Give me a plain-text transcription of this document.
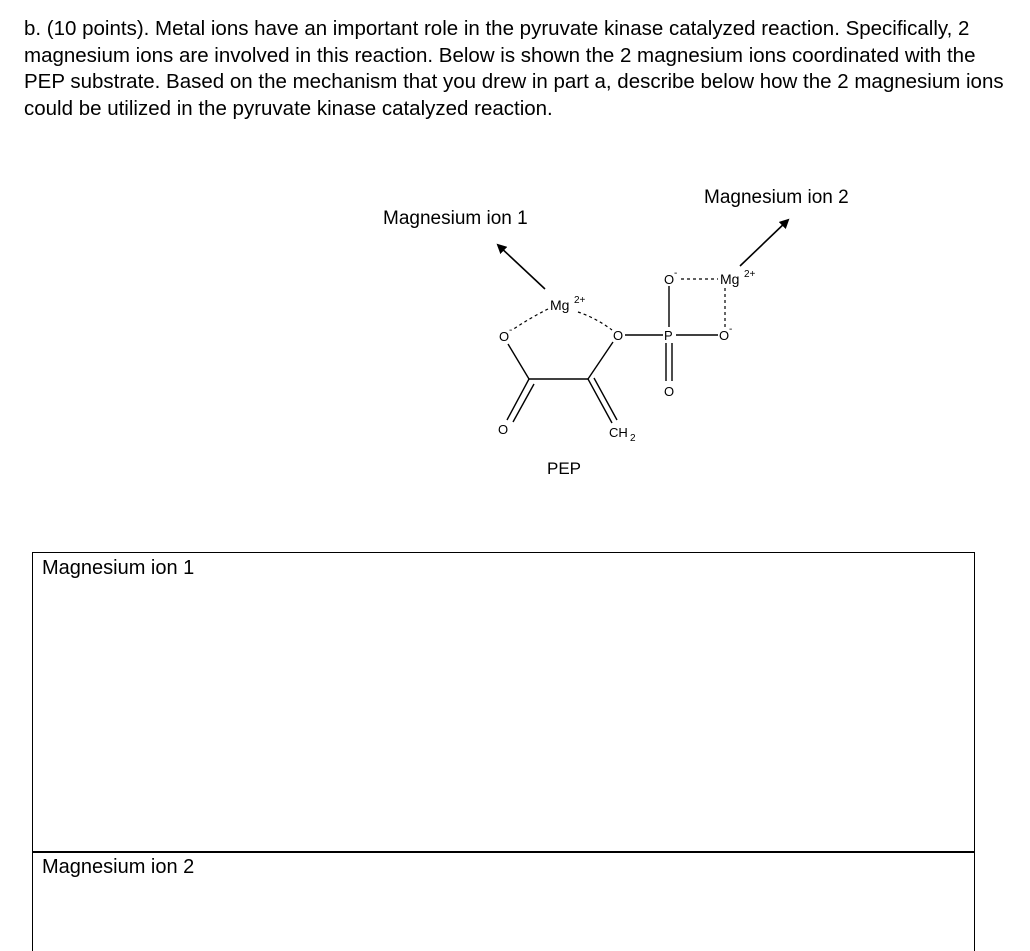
b. (10 points). Metal ions have an important role in the pyruvate kinase catalyzed reaction. Specifically, 2 magnesium ions are involved in this reaction. Below is shown the 2 magnesium ions coordinated with the PEP substrate. Based on the mechanism that you drew in part a, describe below how the 2 magnesium ions could be utilized in the pyruvate kinase catalyzed reaction.

Magnesium ion 1
Magnesium ion 2
Mg 2+
O -
O
O
CH 2
P
O -
O -
O
Mg 2+
PEP
Magnesium ion 1
Magnesium ion 2
